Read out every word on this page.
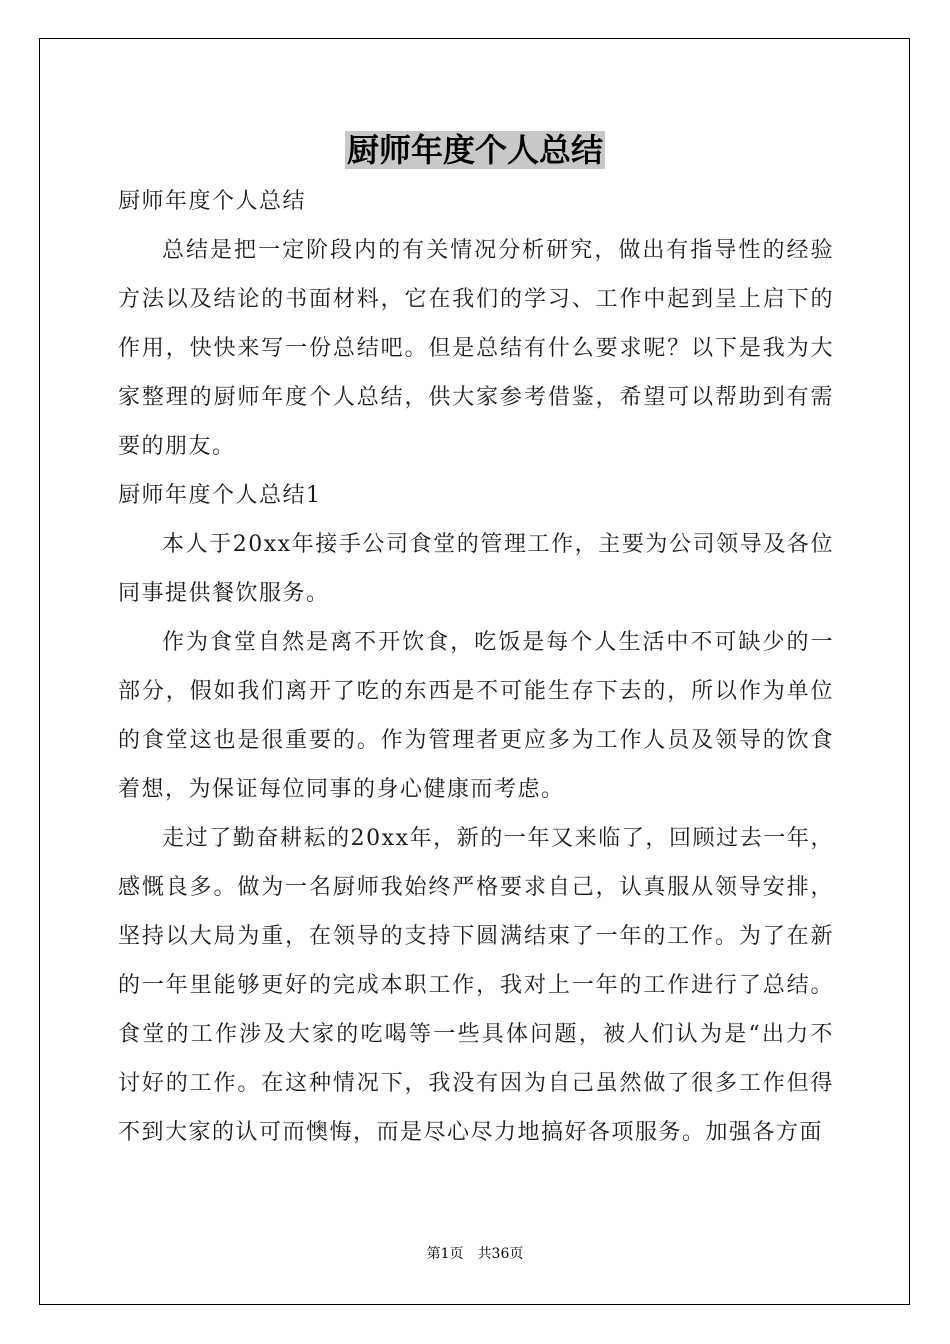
厨师年度个人总结

厨师年度个人总结

总结是把一定阶段内的有关情况分析研究，做出有指导性的经验方法以及结论的书面材料，它在我们的学习、工作中起到呈上启下的作用，快快来写一份总结吧。但是总结有什么要求呢？以下是我为大家整理的厨师年度个人总结，供大家参考借鉴，希望可以帮助到有需要的朋友。

厨师年度个人总结1

本人于20xx年接手公司食堂的管理工作，主要为公司领导及各位同事提供餐饮服务。

作为食堂自然是离不开饮食，吃饭是每个人生活中不可缺少的一部分，假如我们离开了吃的东西是不可能生存下去的，所以作为单位的食堂这也是很重要的。作为管理者更应多为工作人员及领导的饮食着想，为保证每位同事的身心健康而考虑。

走过了勤奋耕耘的20xx年，新的一年又来临了，回顾过去一年，感慨良多。做为一名厨师我始终严格要求自己，认真服从领导安排，坚持以大局为重，在领导的支持下圆满结束了一年的工作。为了在新的一年里能够更好的完成本职工作，我对上一年的工作进行了总结。食堂的工作涉及大家的吃喝等一些具体问题，被人们认为是“出力不讨好的工作。在这种情况下，我没有因为自己虽然做了很多工作但得不到大家的认可而懊悔，而是尽心尽力地搞好各项服务。加强各方面

第1页 共36页
